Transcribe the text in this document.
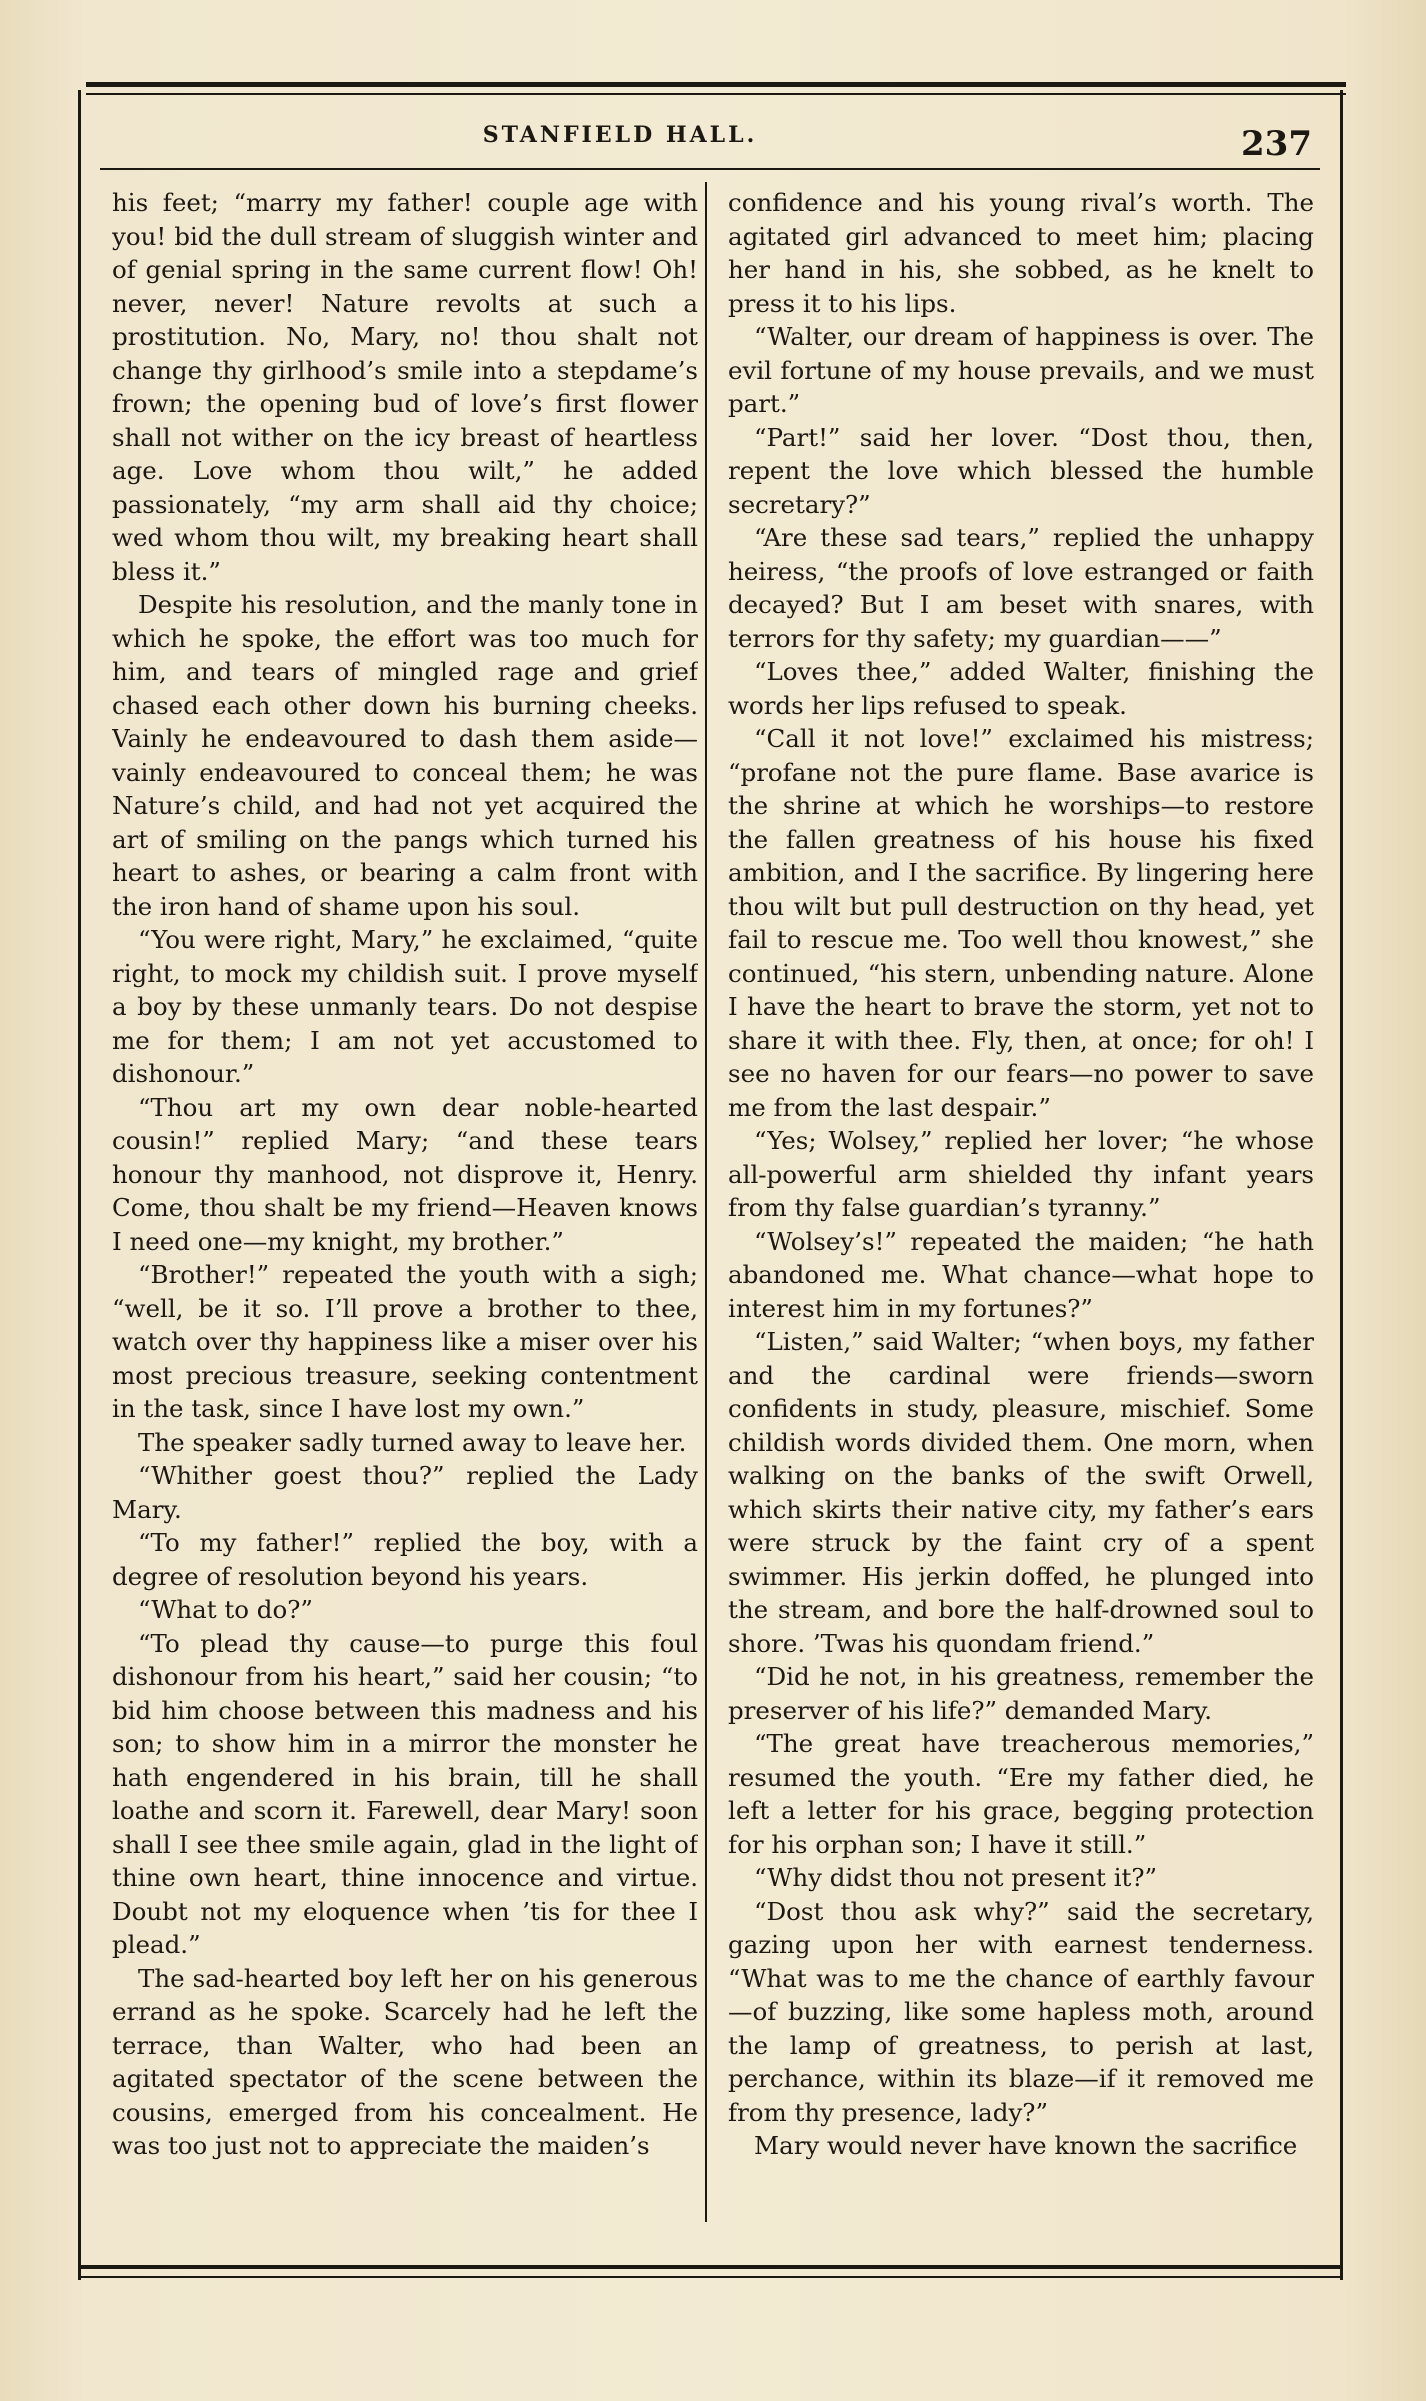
STANFIELD HALL.	237

his feet; “marry my father! couple age with you! bid the dull stream of sluggish winter and of genial spring in the same current flow! Oh! never, never! Nature revolts at such a prostitution. No, Mary, no! thou shalt not change thy girlhood’s smile into a stepdame’s frown; the opening bud of love’s first flower shall not wither on the icy breast of heartless age. Love whom thou wilt,” he added passionately, “my arm shall aid thy choice; wed whom thou wilt, my breaking heart shall bless it.”

Despite his resolution, and the manly tone in which he spoke, the effort was too much for him, and tears of mingled rage and grief chased each other down his burning cheeks. Vainly he endeavoured to dash them aside—vainly endeavoured to conceal them; he was Nature’s child, and had not yet acquired the art of smiling on the pangs which turned his heart to ashes, or bearing a calm front with the iron hand of shame upon his soul.

“You were right, Mary,” he exclaimed, “quite right, to mock my childish suit. I prove myself a boy by these unmanly tears. Do not despise me for them; I am not yet accustomed to dishonour.”

“Thou art my own dear noble-hearted cousin!” replied Mary; “and these tears honour thy manhood, not disprove it, Henry. Come, thou shalt be my friend—Heaven knows I need one—my knight, my brother.”

“Brother!” repeated the youth with a sigh; “well, be it so. I’ll prove a brother to thee, watch over thy happiness like a miser over his most precious treasure, seeking contentment in the task, since I have lost my own.”

The speaker sadly turned away to leave her.

“Whither goest thou?” replied the Lady Mary.

“To my father!” replied the boy, with a degree of resolution beyond his years.

“What to do?”

“To plead thy cause—to purge this foul dishonour from his heart,” said her cousin; “to bid him choose between this madness and his son; to show him in a mirror the monster he hath engendered in his brain, till he shall loathe and scorn it. Farewell, dear Mary! soon shall I see thee smile again, glad in the light of thine own heart, thine innocence and virtue. Doubt not my eloquence when ’tis for thee I plead.”

The sad-hearted boy left her on his generous errand as he spoke. Scarcely had he left the terrace, than Walter, who had been an agitated spectator of the scene between the cousins, emerged from his concealment. He was too just not to appreciate the maiden’s

confidence and his young rival’s worth. The agitated girl advanced to meet him; placing her hand in his, she sobbed, as he knelt to press it to his lips.

“Walter, our dream of happiness is over. The evil fortune of my house prevails, and we must part.”

“Part!” said her lover. “Dost thou, then, repent the love which blessed the humble secretary?”

“Are these sad tears,” replied the unhappy heiress, “the proofs of love estranged or faith decayed? But I am beset with snares, with terrors for thy safety; my guardian——”

“Loves thee,” added Walter, finishing the words her lips refused to speak.

“Call it not love!” exclaimed his mistress; “profane not the pure flame. Base avarice is the shrine at which he worships—to restore the fallen greatness of his house his fixed ambition, and I the sacrifice. By lingering here thou wilt but pull destruction on thy head, yet fail to rescue me. Too well thou knowest,” she continued, “his stern, unbending nature. Alone I have the heart to brave the storm, yet not to share it with thee. Fly, then, at once; for oh! I see no haven for our fears—no power to save me from the last despair.”

“Yes; Wolsey,” replied her lover; “he whose all-powerful arm shielded thy infant years from thy false guardian’s tyranny.”

“Wolsey’s!” repeated the maiden; “he hath abandoned me. What chance—what hope to interest him in my fortunes?”

“Listen,” said Walter; “when boys, my father and the cardinal were friends—sworn confidents in study, pleasure, mischief. Some childish words divided them. One morn, when walking on the banks of the swift Orwell, which skirts their native city, my father’s ears were struck by the faint cry of a spent swimmer. His jerkin doffed, he plunged into the stream, and bore the half-drowned soul to shore. ’Twas his quondam friend.”

“Did he not, in his greatness, remember the preserver of his life?” demanded Mary.

“The great have treacherous memories,” resumed the youth. “Ere my father died, he left a letter for his grace, begging protection for his orphan son; I have it still.”

“Why didst thou not present it?”

“Dost thou ask why?” said the secretary, gazing upon her with earnest tenderness. “What was to me the chance of earthly favour—of buzzing, like some hapless moth, around the lamp of greatness, to perish at last, perchance, within its blaze—if it removed me from thy presence, lady?”

Mary would never have known the sacrifice
